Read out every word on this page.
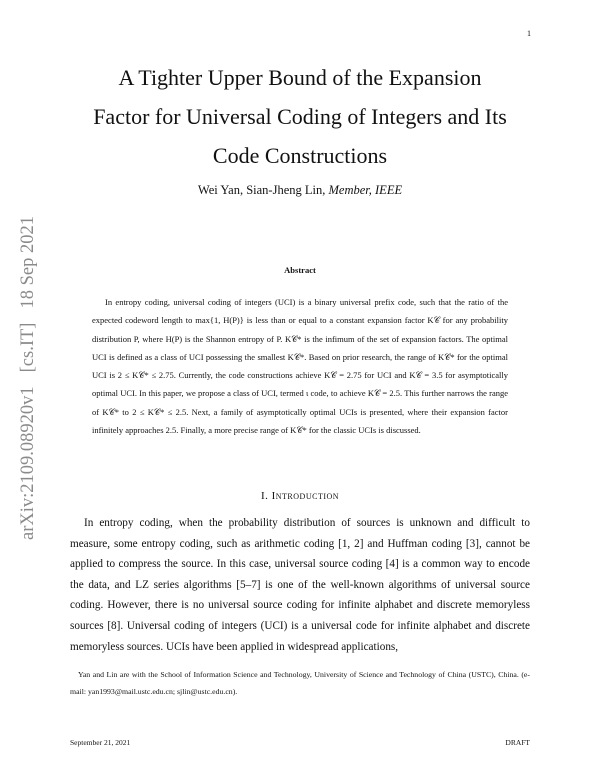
1
arXiv:2109.08920v1[cs.IT]18 Sep 2021

A Tighter Upper Bound of the Expansion

Factor for Universal Coding of Integers and Its

Code Constructions

Wei Yan, Sian-Jheng Lin, Member, IEEE
Abstract

In entropy coding, universal coding of integers (UCI) is a binary universal prefix code, such that the ratio of the expected codeword length to max{1, H(P)} is less than or equal to a constant expansion factor K𝒞 for any probability distribution P, where H(P) is the Shannon entropy of P. K𝒞* is the infimum of the set of expansion factors. The optimal UCI is defined as a class of UCI possessing the smallest K𝒞*. Based on prior research, the range of K𝒞* for the optimal UCI is 2 ≤ K𝒞* ≤ 2.75. Currently, the code constructions achieve K𝒞 = 2.75 for UCI and K𝒞 = 3.5 for asymptotically optimal UCI. In this paper, we propose a class of UCI, termed ι code, to achieve K𝒞 = 2.5. This further narrows the range of K𝒞* to 2 ≤ K𝒞* ≤ 2.5. Next, a family of asymptotically optimal UCIs is presented, where their expansion factor infinitely approaches 2.5. Finally, a more precise range of K𝒞* for the classic UCIs is discussed.

I. Introduction

In entropy coding, when the probability distribution of sources is unknown and difficult to measure, some entropy coding, such as arithmetic coding [1, 2] and Huffman coding [3], cannot be applied to compress the source. In this case, universal source coding [4] is a common way to encode the data, and LZ series algorithms [5–7] is one of the well-known algorithms of universal source coding. However, there is no universal source coding for infinite alphabet and discrete memoryless sources [8]. Universal coding of integers (UCI) is a universal code for infinite alphabet and discrete memoryless sources. UCIs have been applied in widespread applications,

Yan and Lin are with the School of Information Science and Technology, University of Science and Technology of China (USTC), China. (e-mail: yan1993@mail.ustc.edu.cn; sjlin@ustc.edu.cn).

September 21, 2021	DRAFT
